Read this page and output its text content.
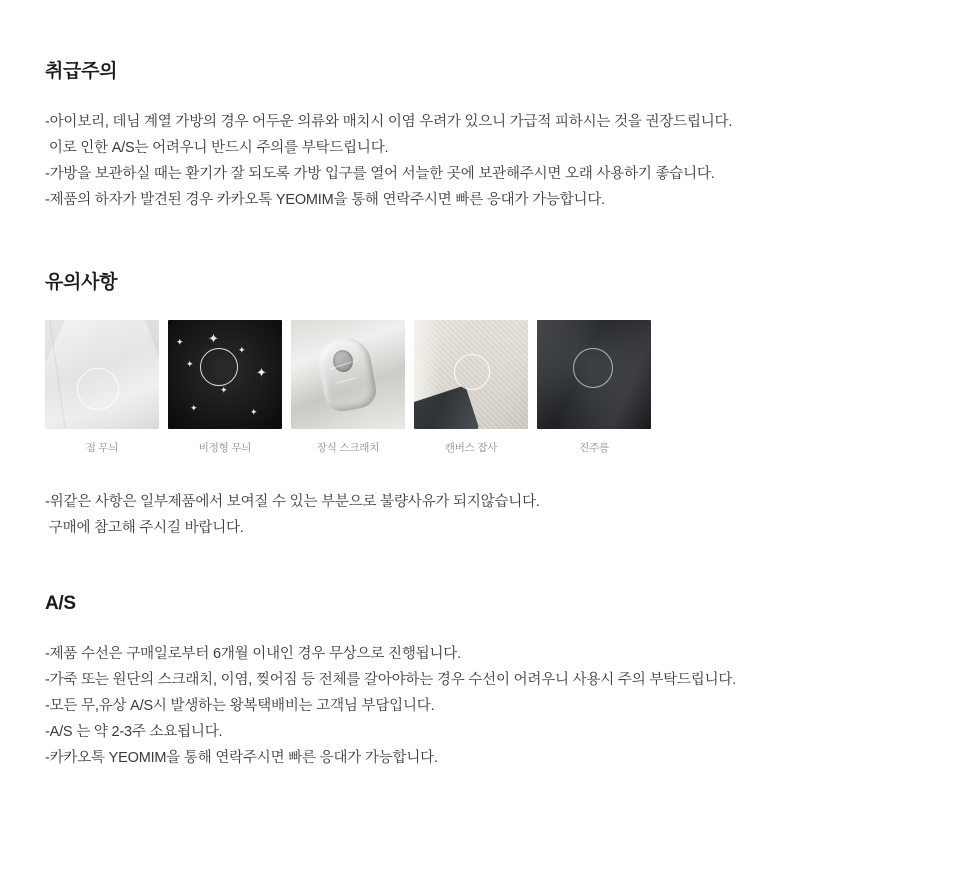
취급주의
-아이보리, 데님 계열 가방의 경우 어두운 의류와 매치시 이염 우려가 있으니 가급적 피하시는 것을 권장드립니다.
이로 인한 A/S는 어려우니 반드시 주의를 부탁드립니다.
-가방을 보관하실 때는 환기가 잘 되도록 가방 입구를 열어 서늘한 곳에 보관해주시면 오래 사용하기 좋습니다.
-제품의 하자가 발견된 경우 카카오톡 YEOMIM을 통해 연락주시면 빠른 응대가 가능합니다.
유의사항
점 무늬
✦
✦
✦
✦
✦
✦	✦
✦
비정형 무늬	장식 스크래치	캔버스 잡사	진주름
-위같은 사항은 일부제품에서 보여질 수 있는 부분으로 불량사유가 되지않습니다.
구매에 참고해 주시길 바랍니다.
A/S
-제품 수선은 구매일로부터 6개월 이내인 경우 무상으로 진행됩니다.
-가죽 또는 원단의 스크래치, 이염, 찢어짐 등 전체를 갈아야하는 경우 수선이 어려우니 사용시 주의 부탁드립니다.
-모든 무,유상 A/S시 발생하는 왕복택배비는 고객님 부담입니다.
-A/S 는 약 2-3주 소요됩니다.
-카카오톡 YEOMIM을 통해 연락주시면 빠른 응대가 가능합니다.
